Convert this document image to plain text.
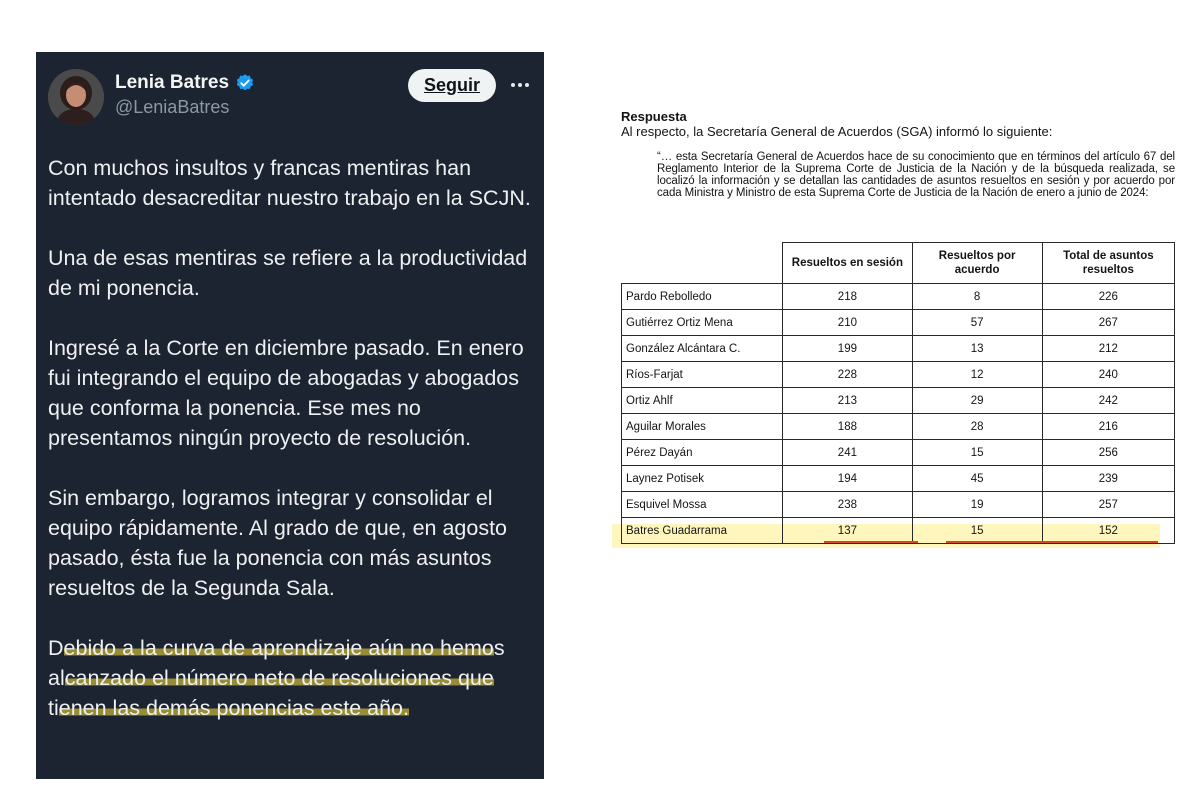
Lenia Batres
@LeniaBatres
Seguir

Con muchos insultos y francas mentiras han intentado desacreditar nuestro trabajo en la SCJN.

Una de esas mentiras se refiere a la productividad de mi ponencia.

Ingresé a la Corte en diciembre pasado. En enero fui integrando el equipo de abogadas y abogados que conforma la ponencia. Ese mes no presentamos ningún proyecto de resolución.

Sin embargo, logramos integrar y consolidar el equipo rápidamente. Al grado de que, en agosto pasado, ésta fue la ponencia con más asuntos resueltos de la Segunda Sala.

Debido a la curva de aprendizaje aún no hemos alcanzado el número neto de resoluciones que tienen las demás ponencias este año.

Respuesta
Al respecto, la Secretaría General de Acuerdos (SGA) informó lo siguiente:
“… esta Secretaría General de Acuerdos hace de su conocimiento que en términos del artículo 67 del Reglamento Interior de la Suprema Corte de Justicia de la Nación y de la búsqueda realizada, se localizó la información y se detallan las cantidades de asuntos resueltos en sesión y por acuerdo por cada Ministra y Ministro de esta Suprema Corte de Justicia de la Nación de enero a junio de 2024:
	Resueltos en sesión	Resueltos por acuerdo	Total de asuntos resueltos
Pardo Rebolledo	218	8	226
Gutiérrez Ortiz Mena	210	57	267
González Alcántara C.	199	13	212
Ríos-Farjat	228	12	240
Ortiz Ahlf	213	29	242
Aguilar Morales	188	28	216
Pérez Dayán	241	15	256
Laynez Potisek	194	45	239
Esquivel Mossa	238	19	257
Batres Guadarrama	137	15	152
